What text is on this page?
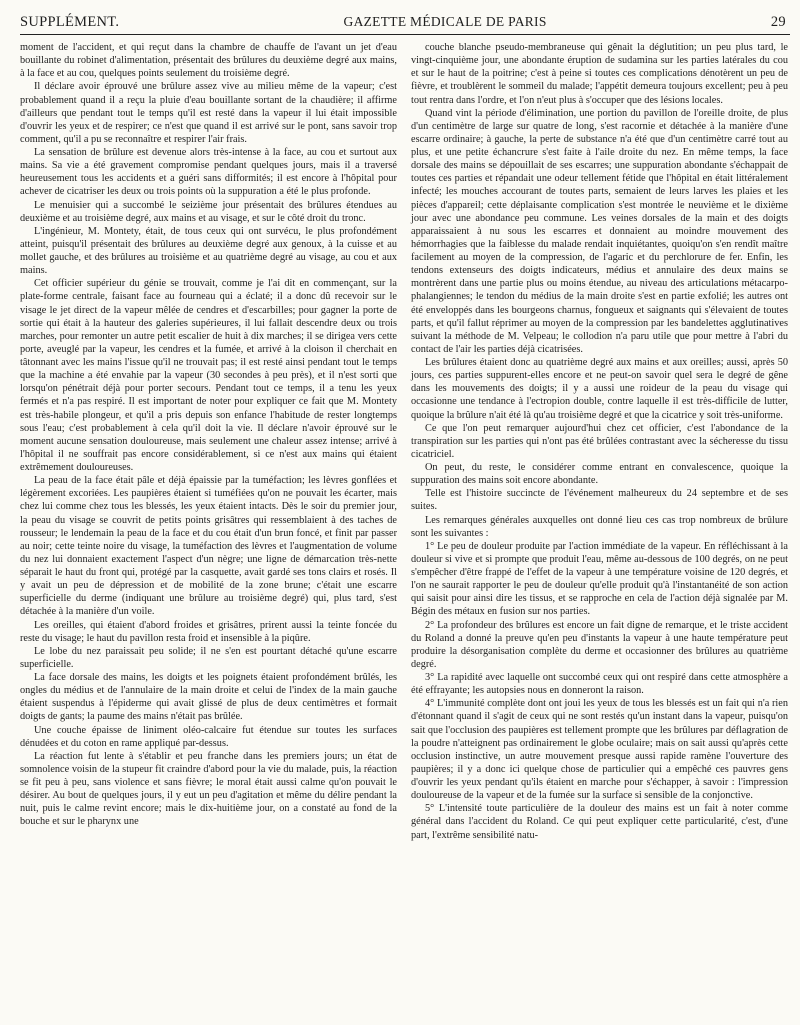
SUPPLÉMENT.	GAZETTE MÉDICALE DE PARIS	29

moment de l'accident, et qui reçut dans la chambre de chauffe de l'avant un jet d'eau bouillante du robinet d'alimentation, présentait des brûlures du deuxième degré aux mains, à la face et au cou, quelques points seulement du troisième degré.

Il déclare avoir éprouvé une brûlure assez vive au milieu même de la vapeur; c'est probablement quand il a reçu la pluie d'eau bouillante sortant de la chaudière; il affirme d'ailleurs que pendant tout le temps qu'il est resté dans la vapeur il lui était impossible d'ouvrir les yeux et de respirer; ce n'est que quand il est arrivé sur le pont, sans savoir trop comment, qu'il a pu se reconnaître et respirer l'air frais.

La sensation de brûlure est devenue alors très-intense à la face, au cou et surtout aux mains. Sa vie a été gravement compromise pendant quelques jours, mais il a traversé heureusement tous les accidents et a guéri sans difformités; il est encore à l'hôpital pour achever de cicatriser les deux ou trois points où la suppuration a été le plus profonde.

Le menuisier qui a succombé le seizième jour présentait des brûlures étendues au deuxième et au troisième degré, aux mains et au visage, et sur le côté droit du tronc.

L'ingénieur, M. Montety, était, de tous ceux qui ont survécu, le plus profondément atteint, puisqu'il présentait des brûlures au deuxième degré aux genoux, à la cuisse et au mollet gauche, et des brûlures au troisième et au quatrième degré au visage, au cou et aux mains.

Cet officier supérieur du génie se trouvait, comme je l'ai dit en commençant, sur la plate-forme centrale, faisant face au fourneau qui a éclaté; il a donc dû recevoir sur le visage le jet direct de la vapeur mêlée de cendres et d'escarbilles; pour gagner la porte de sortie qui était à la hauteur des galeries supérieures, il lui fallait descendre deux ou trois marches, pour remonter un autre petit escalier de huit à dix marches; il se dirigea vers cette porte, aveuglé par la vapeur, les cendres et la fumée, et arrivé à la cloison il cherchait en tâtonnant avec les mains l'issue qu'il ne trouvait pas; il est resté ainsi pendant tout le temps que la machine a été envahie par la vapeur (30 secondes à peu près), et il n'est sorti que lorsqu'on pénétrait déjà pour porter secours. Pendant tout ce temps, il a tenu les yeux fermés et n'a pas respiré. Il est important de noter pour expliquer ce fait que M. Montety est très-habile plongeur, et qu'il a pris depuis son enfance l'habitude de rester longtemps sous l'eau; c'est probablement à cela qu'il doit la vie. Il déclare n'avoir éprouvé sur le moment aucune sensation douloureuse, mais seulement une chaleur assez intense; arrivé à l'hôpital il ne souffrait pas encore considérablement, si ce n'est aux mains qui étaient extrêmement douloureuses.

La peau de la face était pâle et déjà épaissie par la tuméfaction; les lèvres gonflées et légèrement excoriées. Les paupières étaient si tuméfiées qu'on ne pouvait les écarter, mais chez lui comme chez tous les blessés, les yeux étaient intacts. Dès le soir du premier jour, la peau du visage se couvrit de petits points grisâtres qui ressemblaient à des taches de rousseur; le lendemain la peau de la face et du cou était d'un brun foncé, et finit par passer au noir; cette teinte noire du visage, la tuméfaction des lèvres et l'augmentation de volume du nez lui donnaient exactement l'aspect d'un nègre; une ligne de démarcation très-nette séparait le haut du front qui, protégé par la casquette, avait gardé ses tons clairs et rosés. Il y avait un peu de dépression et de mobilité de la zone brune; c'était une escarre superficielle du derme (indiquant une brûlure au troisième degré) qui, plus tard, s'est détachée à la manière d'un voile.

Les oreilles, qui étaient d'abord froides et grisâtres, prirent aussi la teinte foncée du reste du visage; le haut du pavillon resta froid et insensible à la piqûre.

Le lobe du nez paraissait peu solide; il ne s'en est pourtant détaché qu'une escarre superficielle.

La face dorsale des mains, les doigts et les poignets étaient profondément brûlés, les ongles du médius et de l'annulaire de la main droite et celui de l'index de la main gauche étaient suspendus à l'épiderme qui avait glissé de plus de deux centimètres et formait doigts de gants; la paume des mains n'était pas brûlée.

Une couche épaisse de liniment oléo-calcaire fut étendue sur toutes les surfaces dénudées et du coton en rame appliqué par-dessus.

La réaction fut lente à s'établir et peu franche dans les premiers jours; un état de somnolence voisin de la stupeur fit craindre d'abord pour la vie du malade, puis, la réaction se fit peu à peu, sans violence et sans fièvre; le moral était aussi calme qu'on pouvait le désirer. Au bout de quelques jours, il y eut un peu d'agitation et même du délire pendant la nuit, puis le calme revint encore; mais le dix-huitième jour, on a constaté au fond de la bouche et sur le pharynx une

couche blanche pseudo-membraneuse qui gênait la déglutition; un peu plus tard, le vingt-cinquième jour, une abondante éruption de sudamina sur les parties latérales du cou et sur le haut de la poitrine; c'est à peine si toutes ces complications dénotèrent un peu de fièvre, et troublèrent le sommeil du malade; l'appétit demeura toujours excellent; peu à peu tout rentra dans l'ordre, et l'on n'eut plus à s'occuper que des lésions locales.

Quand vint la période d'élimination, une portion du pavillon de l'oreille droite, de plus d'un centimètre de large sur quatre de long, s'est racornie et détachée à la manière d'une escarre ordinaire; à gauche, la perte de substance n'a été que d'un centimètre carré tout au plus, et une petite échancrure s'est faite à l'aile droite du nez. En même temps, la face dorsale des mains se dépouillait de ses escarres; une suppuration abondante s'échappait de toutes ces parties et répandait une odeur tellement fétide que l'hôpital en était littéralement infecté; les mouches accourant de toutes parts, semaient de leurs larves les plaies et les pièces d'appareil; cette déplaisante complication s'est montrée le neuvième et le dixième jour avec une abondance peu commune. Les veines dorsales de la main et des doigts apparaissaient à nu sous les escarres et donnaient au moindre mouvement des hémorrhagies que la faiblesse du malade rendait inquiétantes, quoiqu'on s'en rendît maître facilement au moyen de la compression, de l'agaric et du perchlorure de fer. Enfin, les tendons extenseurs des doigts indicateurs, médius et annulaire des deux mains se montrèrent dans une partie plus ou moins étendue, au niveau des articulations métacarpo-phalangiennes; le tendon du médius de la main droite s'est en partie exfolié; les autres ont été enveloppés dans les bourgeons charnus, fongueux et saignants qui s'élevaient de toutes parts, et qu'il fallut réprimer au moyen de la compression par les bandelettes agglutinatives suivant la méthode de M. Velpeau; le collodion n'a paru utile que pour mettre à l'abri du contact de l'air les parties déjà cicatrisées.

Les brûlures étaient donc au quatrième degré aux mains et aux oreilles; aussi, après 50 jours, ces parties suppurent-elles encore et ne peut-on savoir quel sera le degré de gêne dans les mouvements des doigts; il y a aussi une roideur de la peau du visage qui occasionne une tendance à l'ectropion double, contre laquelle il est très-difficile de lutter, quoique la brûlure n'ait été là qu'au troisième degré et que la cicatrice y soit très-uniforme.

Ce que l'on peut remarquer aujourd'hui chez cet officier, c'est l'abondance de la transpiration sur les parties qui n'ont pas été brûlées contrastant avec la sécheresse du tissu cicatriciel.

On peut, du reste, le considérer comme entrant en convalescence, quoique la suppuration des mains soit encore abondante.

Telle est l'histoire succincte de l'événement malheureux du 24 septembre et de ses suites.

Les remarques générales auxquelles ont donné lieu ces cas trop nombreux de brûlure sont les suivantes :

1° Le peu de douleur produite par l'action immédiate de la vapeur. En réfléchissant à la douleur si vive et si prompte que produit l'eau, même au-dessous de 100 degrés, on ne peut s'empêcher d'être frappé de l'effet de la vapeur à une température voisine de 120 degrés, et l'on ne saurait rapporter le peu de douleur qu'elle produit qu'à l'instantanéité de son action qui saisit pour ainsi dire les tissus, et se rapproche en cela de l'action déjà signalée par M. Bégin des métaux en fusion sur nos parties.

2° La profondeur des brûlures est encore un fait digne de remarque, et le triste accident du Roland a donné la preuve qu'en peu d'instants la vapeur à une haute température peut produire la désorganisation complète du derme et occasionner des brûlures au quatrième degré.

3° La rapidité avec laquelle ont succombé ceux qui ont respiré dans cette atmosphère a été effrayante; les autopsies nous en donneront la raison.

4° L'immunité complète dont ont joui les yeux de tous les blessés est un fait qui n'a rien d'étonnant quand il s'agit de ceux qui ne sont restés qu'un instant dans la vapeur, puisqu'on sait que l'occlusion des paupières est tellement prompte que les brûlures par déflagration de la poudre n'atteignent pas ordinairement le globe oculaire; mais on sait aussi qu'après cette occlusion instinctive, un autre mouvement presque aussi rapide ramène l'ouverture des paupières; il y a donc ici quelque chose de particulier qui a empêché ces pauvres gens d'ouvrir les yeux pendant qu'ils étaient en marche pour s'échapper, à savoir : l'impression douloureuse de la vapeur et de la fumée sur la surface si sensible de la conjonctive.

5° L'intensité toute particulière de la douleur des mains est un fait à noter comme général dans l'accident du Roland. Ce qui peut expliquer cette particularité, c'est, d'une part, l'extrême sensibilité natu-
